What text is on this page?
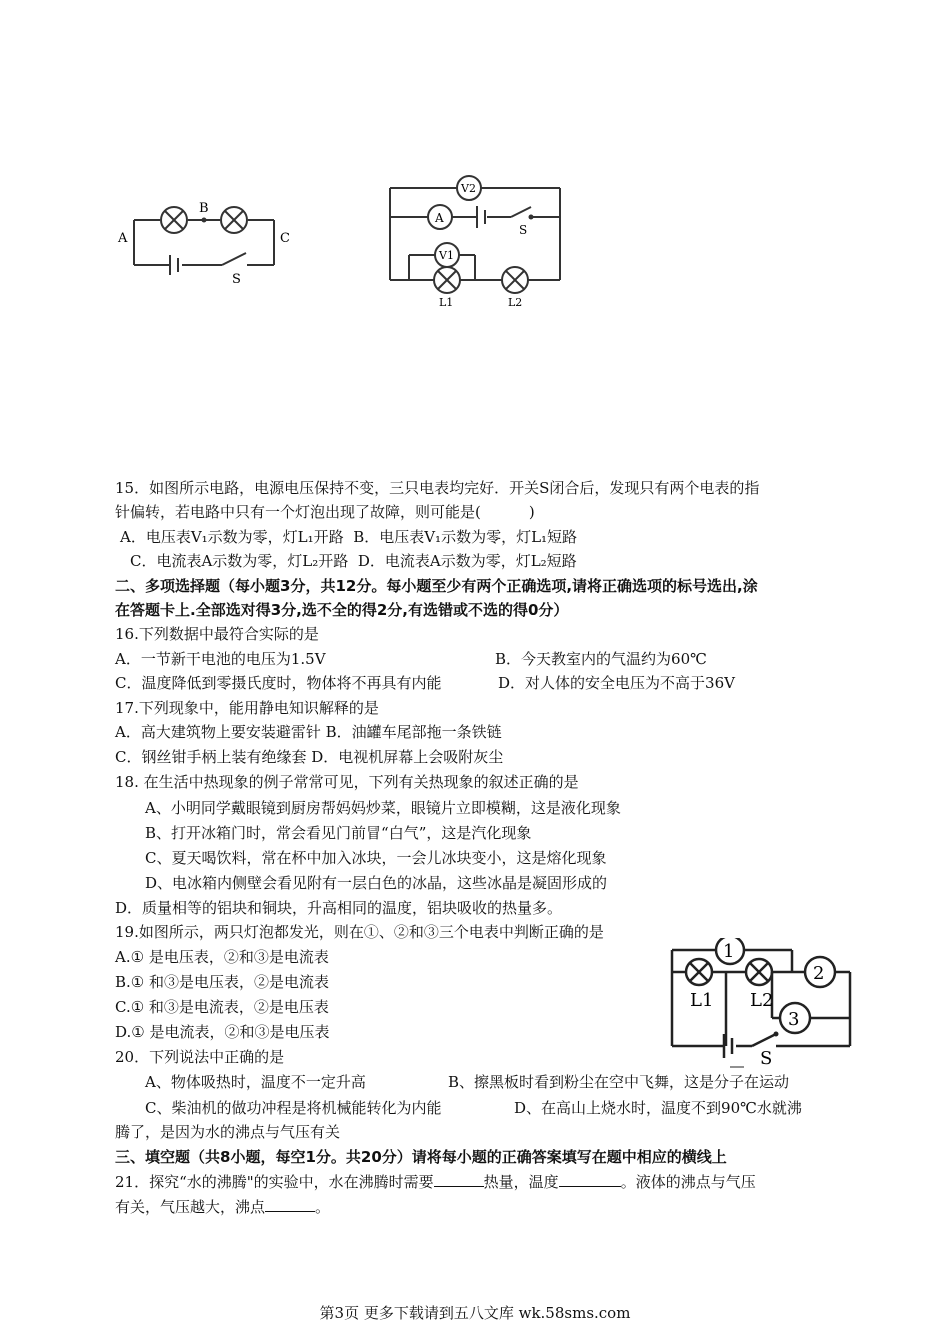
A
B
C
S
V2
A
S
V1
L1	L2
15．如图所示电路，电源电压保持不变，三只电表均完好．开关S闭合后，发现只有两个电表的指
针偏转，若电路中只有一个灯泡出现了故障，则可能是(	)
A．电压表V₁示数为零，灯L₁开路 B．电压表V₁示数为零，灯L₁短路
C．电流表A示数为零，灯L₂开路 D．电流表A示数为零，灯L₂短路
二、多项选择题（每小题3分，共12分。每小题至少有两个正确选项,请将正确选项的标号选出,涂
在答题卡上.全部选对得3分,选不全的得2分,有选错或不选的得0分）
16.下列数据中最符合实际的是
A．一节新干电池的电压为1.5V	B．今天教室内的气温约为60℃
C．温度降低到零摄氏度时，物体将不再具有内能	D．对人体的安全电压为不高于36V
17.下列现象中，能用静电知识解释的是
A．高大建筑物上要安装避雷针 B．油罐车尾部拖一条铁链
C．钢丝钳手柄上装有绝缘套 D．电视机屏幕上会吸附灰尘
18. 在生活中热现象的例子常常可见，下列有关热现象的叙述正确的是
A、小明同学戴眼镜到厨房帮妈妈炒菜，眼镜片立即模糊，这是液化现象
B、打开冰箱门时，常会看见门前冒“白气”，这是汽化现象
C、夏天喝饮料，常在杯中加入冰块，一会儿冰块变小，这是熔化现象
D、电冰箱内侧壁会看见附有一层白色的冰晶，这些冰晶是凝固形成的
D．质量相等的铝块和铜块，升高相同的温度，铝块吸收的热量多。
19.如图所示，两只灯泡都发光，则在①、②和③三个电表中判断正确的是
A.① 是电压表，②和③是电流表
B.① 和③是电压表，②是电流表
C.① 和③是电流表，②是电压表
D.① 是电流表，②和③是电压表
1
2
3
L1 L2
S
20．下列说法中正确的是
A、物体吸热时，温度不一定升高	B、擦黑板时看到粉尘在空中飞舞，这是分子在运动
C、柴油机的做功冲程是将机械能转化为内能	D、在高山上烧水时，温度不到90℃水就沸
腾了，是因为水的沸点与气压有关
三、填空题（共8小题，每空1分。共20分）请将每小题的正确答案填写在题中相应的横线上
21．探究“水的沸腾"的实验中，水在沸腾时需要	热量，温度	。液体的沸点与气压
有关，气压越大，沸点	。
第3页 更多下载请到五八文库 wk.58sms.com
